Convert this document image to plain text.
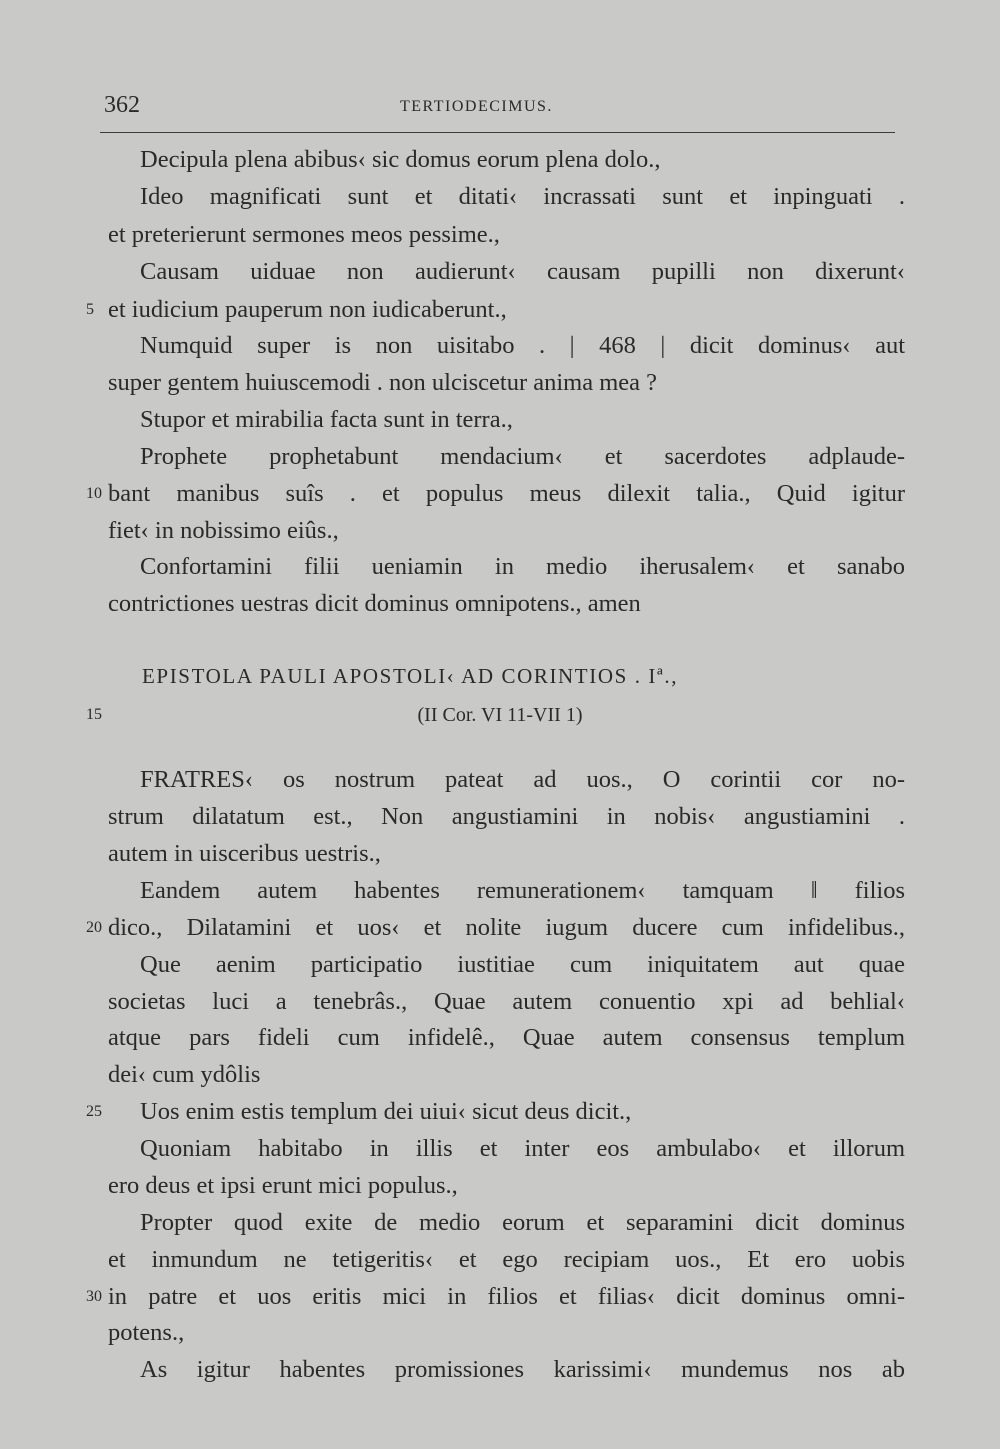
362	TERTIODECIMUS.
Decipula plena abibus‹ sic domus eorum plena dolo.,
Ideo magnificati sunt et ditati‹ incrassati sunt et inpinguati .
et preterierunt sermones meos pessime.,
Causam uiduae non audierunt‹ causam pupilli non dixerunt‹
5 et iudicium pauperum non iudicaberunt.,
Numquid super is non uisitabo . | 468 | dicit dominus‹ aut
super gentem huiuscemodi . non ulciscetur anima mea ?
Stupor et mirabilia facta sunt in terra.,
Prophete prophetabunt mendacium‹ et sacerdotes adplaude-
10 bant manibus suîs . et populus meus dilexit talia., Quid igitur
fiet‹ in nobissimo eiûs.,
Confortamini filii ueniamin in medio iherusalem‹ et sanabo
contrictiones uestras dicit dominus omnipotens., amen
EPISTOLA PAULI APOSTOLI‹ AD CORINTIOS . Iª.,
15	(II Cor. VI 11-VII 1)
FRATRES‹ os nostrum pateat ad uos., O corintii cor no-
strum dilatatum est., Non angustiamini in nobis‹ angustiamini .
autem in uisceribus uestris.,
Eandem autem habentes remunerationem‹ tamquam ‖ filios
20 dico., Dilatamini et uos‹ et nolite iugum ducere cum infidelibus.,
Que aenim participatio iustitiae cum iniquitatem aut quae
societas luci a tenebrâs., Quae autem conuentio xpi ad behlial‹
atque pars fideli cum infidelê., Quae autem consensus templum
dei‹ cum ydôlis
25	Uos enim estis templum dei uiui‹ sicut deus dicit.,
Quoniam habitabo in illis et inter eos ambulabo‹ et illorum
ero deus et ipsi erunt mici populus.,
Propter quod exite de medio eorum et separamini dicit dominus
et inmundum ne tetigeritis‹ et ego recipiam uos., Et ero uobis
30 in patre et uos eritis mici in filios et filias‹ dicit dominus omni-
potens.,
As igitur habentes promissiones karissimi‹ mundemus nos ab
